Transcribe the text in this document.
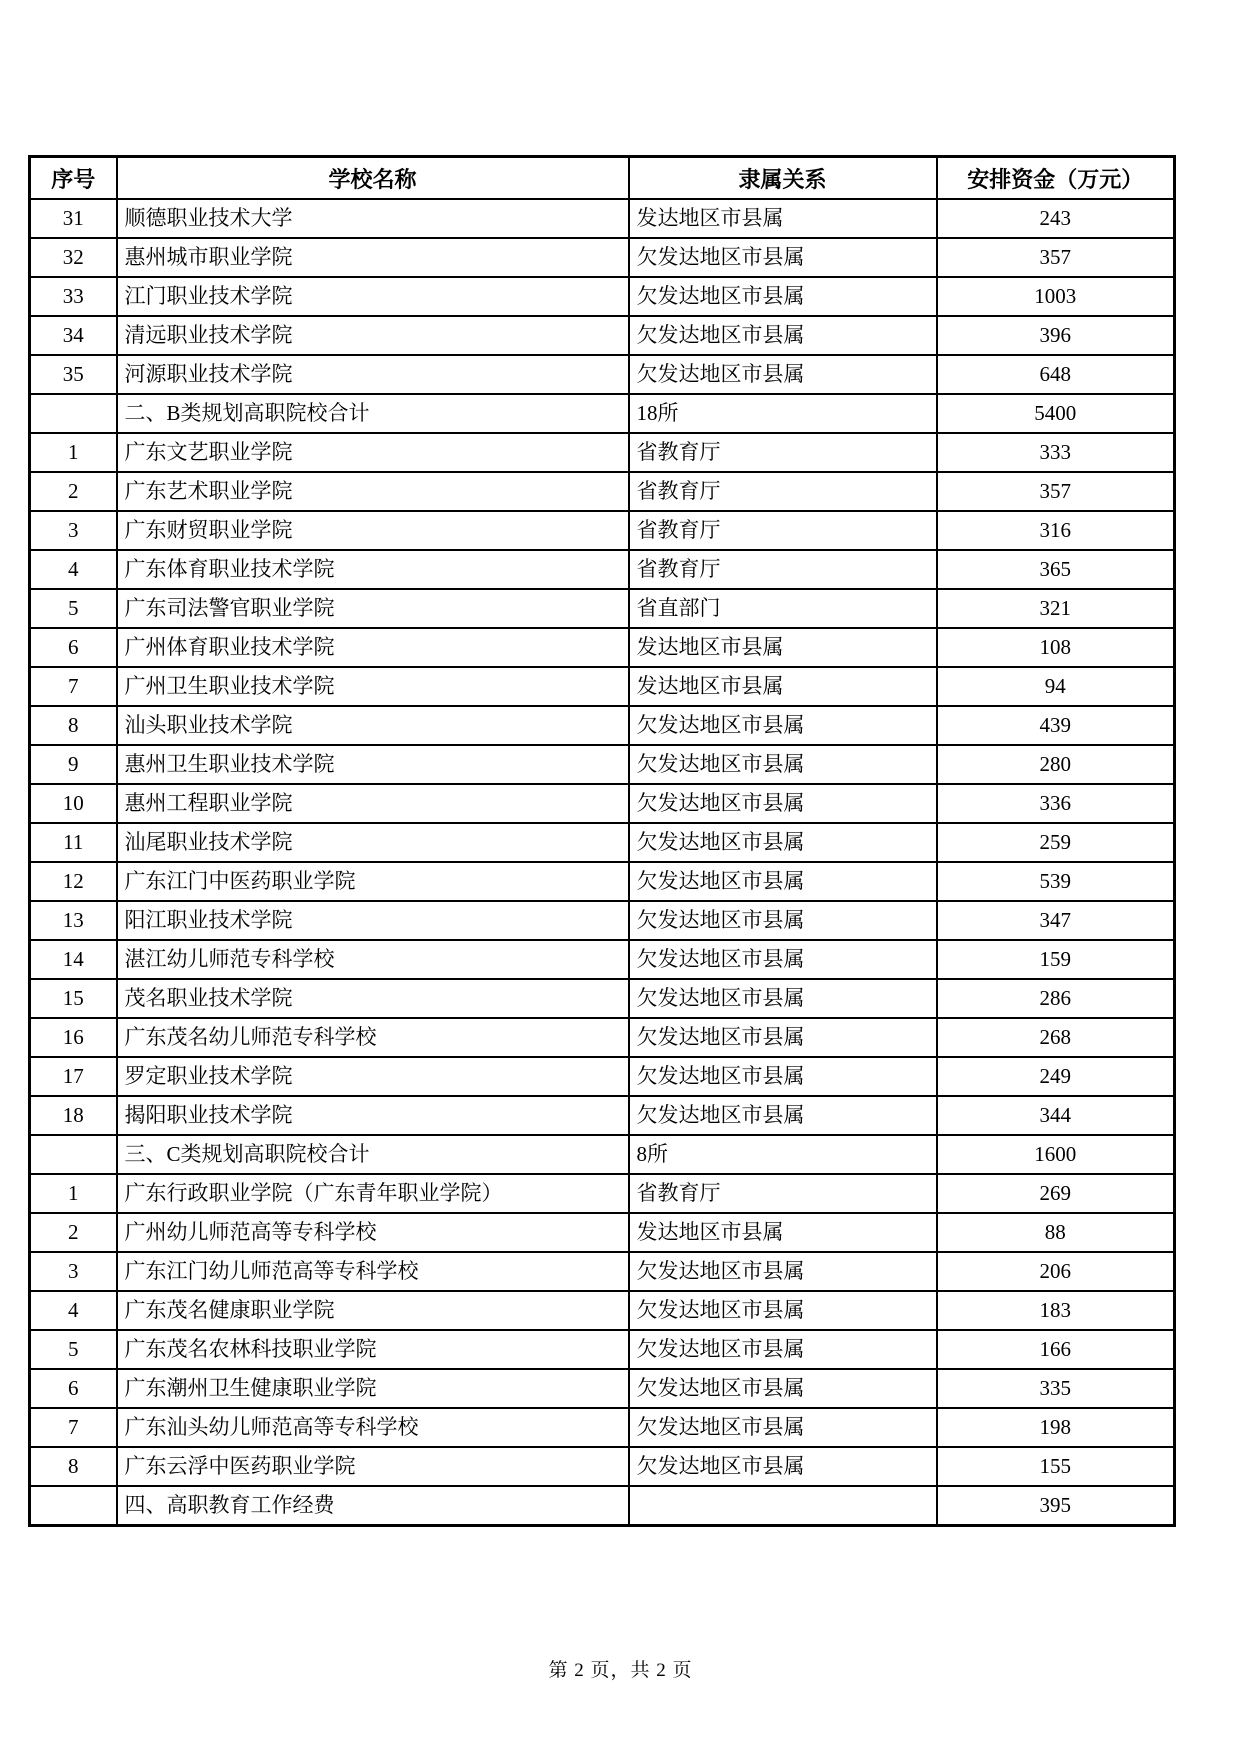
序号	学校名称	隶属关系	安排资金（万元）
31	顺德职业技术大学	发达地区市县属	243
32	惠州城市职业学院	欠发达地区市县属	357
33	江门职业技术学院	欠发达地区市县属	1003
34	清远职业技术学院	欠发达地区市县属	396
35	河源职业技术学院	欠发达地区市县属	648
	二、B类规划高职院校合计	18所	5400
1	广东文艺职业学院	省教育厅	333
2	广东艺术职业学院	省教育厅	357
3	广东财贸职业学院	省教育厅	316
4	广东体育职业技术学院	省教育厅	365
5	广东司法警官职业学院	省直部门	321
6	广州体育职业技术学院	发达地区市县属	108
7	广州卫生职业技术学院	发达地区市县属	94
8	汕头职业技术学院	欠发达地区市县属	439
9	惠州卫生职业技术学院	欠发达地区市县属	280
10	惠州工程职业学院	欠发达地区市县属	336
11	汕尾职业技术学院	欠发达地区市县属	259
12	广东江门中医药职业学院	欠发达地区市县属	539
13	阳江职业技术学院	欠发达地区市县属	347
14	湛江幼儿师范专科学校	欠发达地区市县属	159
15	茂名职业技术学院	欠发达地区市县属	286
16	广东茂名幼儿师范专科学校	欠发达地区市县属	268
17	罗定职业技术学院	欠发达地区市县属	249
18	揭阳职业技术学院	欠发达地区市县属	344
	三、C类规划高职院校合计	8所	1600
1	广东行政职业学院（广东青年职业学院）	省教育厅	269
2	广州幼儿师范高等专科学校	发达地区市县属	88
3	广东江门幼儿师范高等专科学校	欠发达地区市县属	206
4	广东茂名健康职业学院	欠发达地区市县属	183
5	广东茂名农林科技职业学院	欠发达地区市县属	166
6	广东潮州卫生健康职业学院	欠发达地区市县属	335
7	广东汕头幼儿师范高等专科学校	欠发达地区市县属	198
8	广东云浮中医药职业学院	欠发达地区市县属	155
	四、高职教育工作经费		395
第 2 页，共 2 页
